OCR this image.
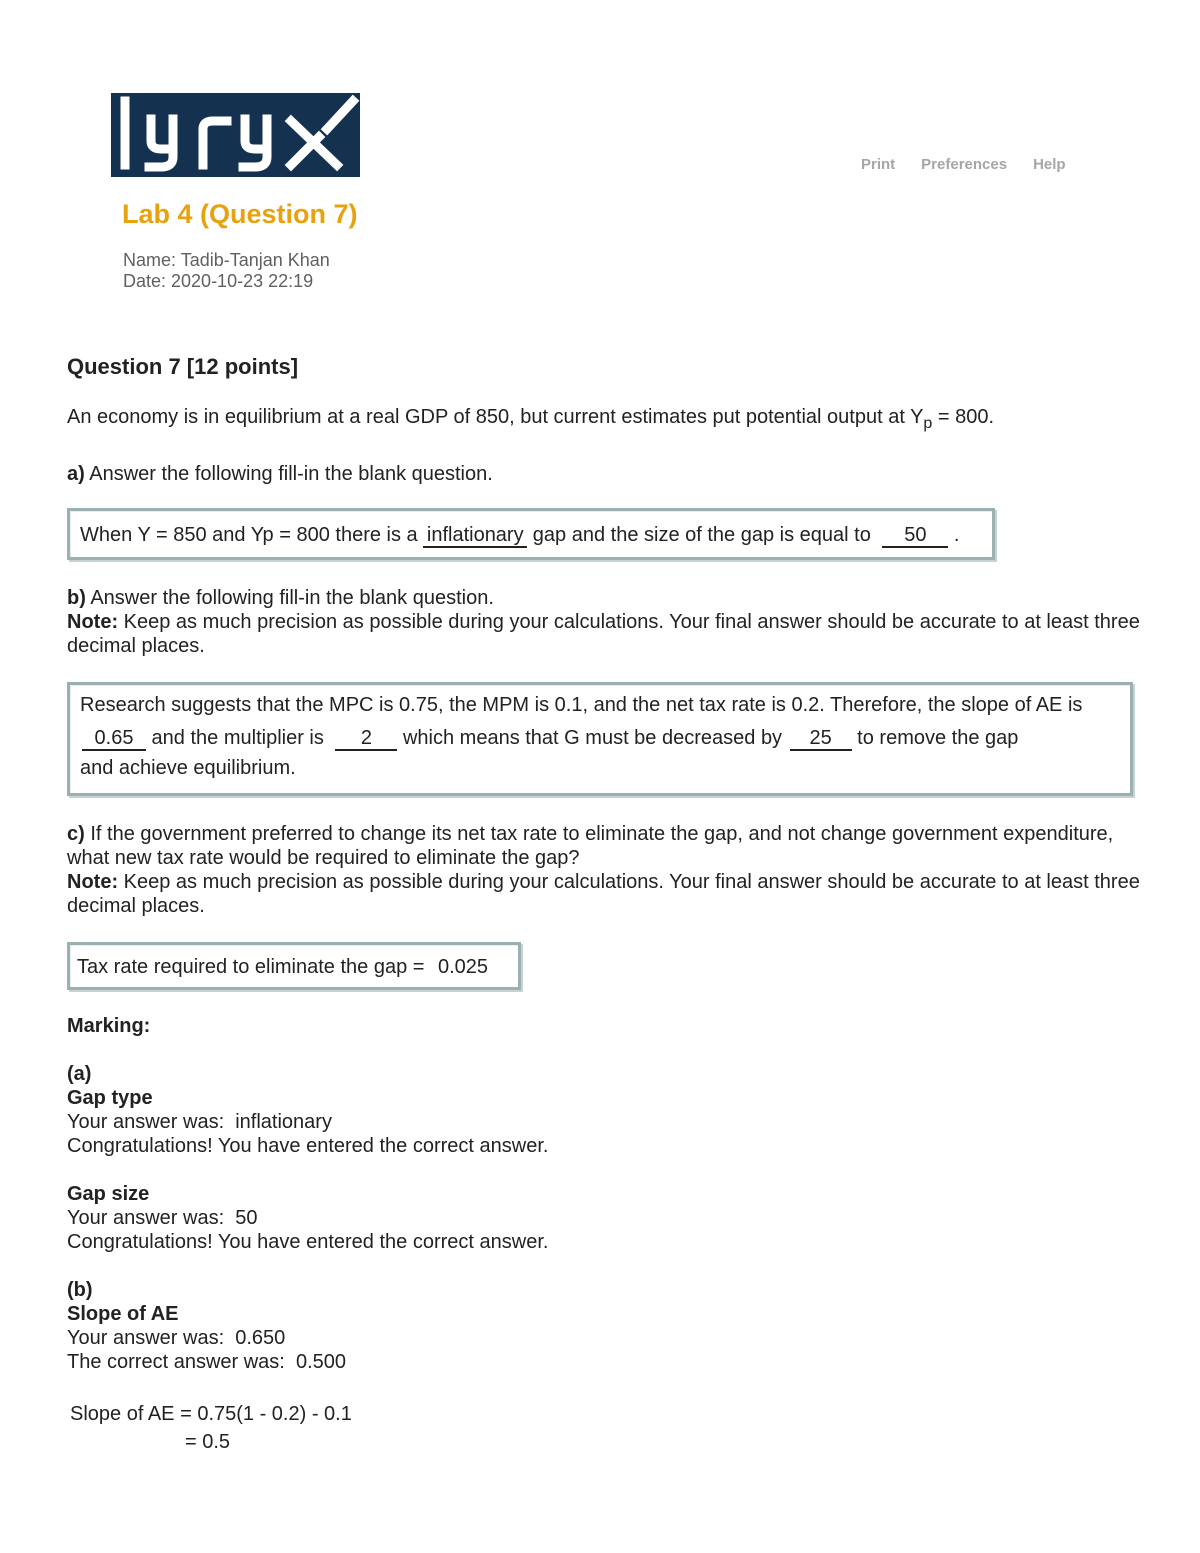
Print Preferences Help
Lab 4 (Question 7)
Name: Tadib-Tanjan Khan
Date: 2020-10-23 22:19

Question 7 [12 points]

An economy is in equilibrium at a real GDP of 850, but current estimates put potential output at $Y_p = 800$.

a) Answer the following fill-in the blank question.

When Y = 850 and Yp = 800 there is a inflationary gap and the size of the gap is equal to 50 .

b) Answer the following fill-in the blank question.

Note: Keep as much precision as possible during your calculations. Your final answer should be accurate to at least three decimal places.

Research suggests that the MPC is 0.75, the MPM is 0.1, and the net tax rate is 0.2. Therefore, the slope of AE is
0.65 and the multiplier is 2 which means that G must be decreased by 25 to remove the gap
and achieve equilibrium.

c) If the government preferred to change its net tax rate to eliminate the gap, and not change government expenditure, what new tax rate would be required to eliminate the gap?

Note: Keep as much precision as possible during your calculations. Your final answer should be accurate to at least three decimal places.

Tax rate required to eliminate the gap = 0.025

Marking:

(a)

Gap type

Your answer was:  inflationary

Congratulations! You have entered the correct answer.

Gap size

Your answer was:  50

Congratulations! You have entered the correct answer.

(b)

Slope of AE

Your answer was:  0.650

The correct answer was:  0.500

Slope of AE = 0.75(1 - 0.2) - 0.1

= 0.5
